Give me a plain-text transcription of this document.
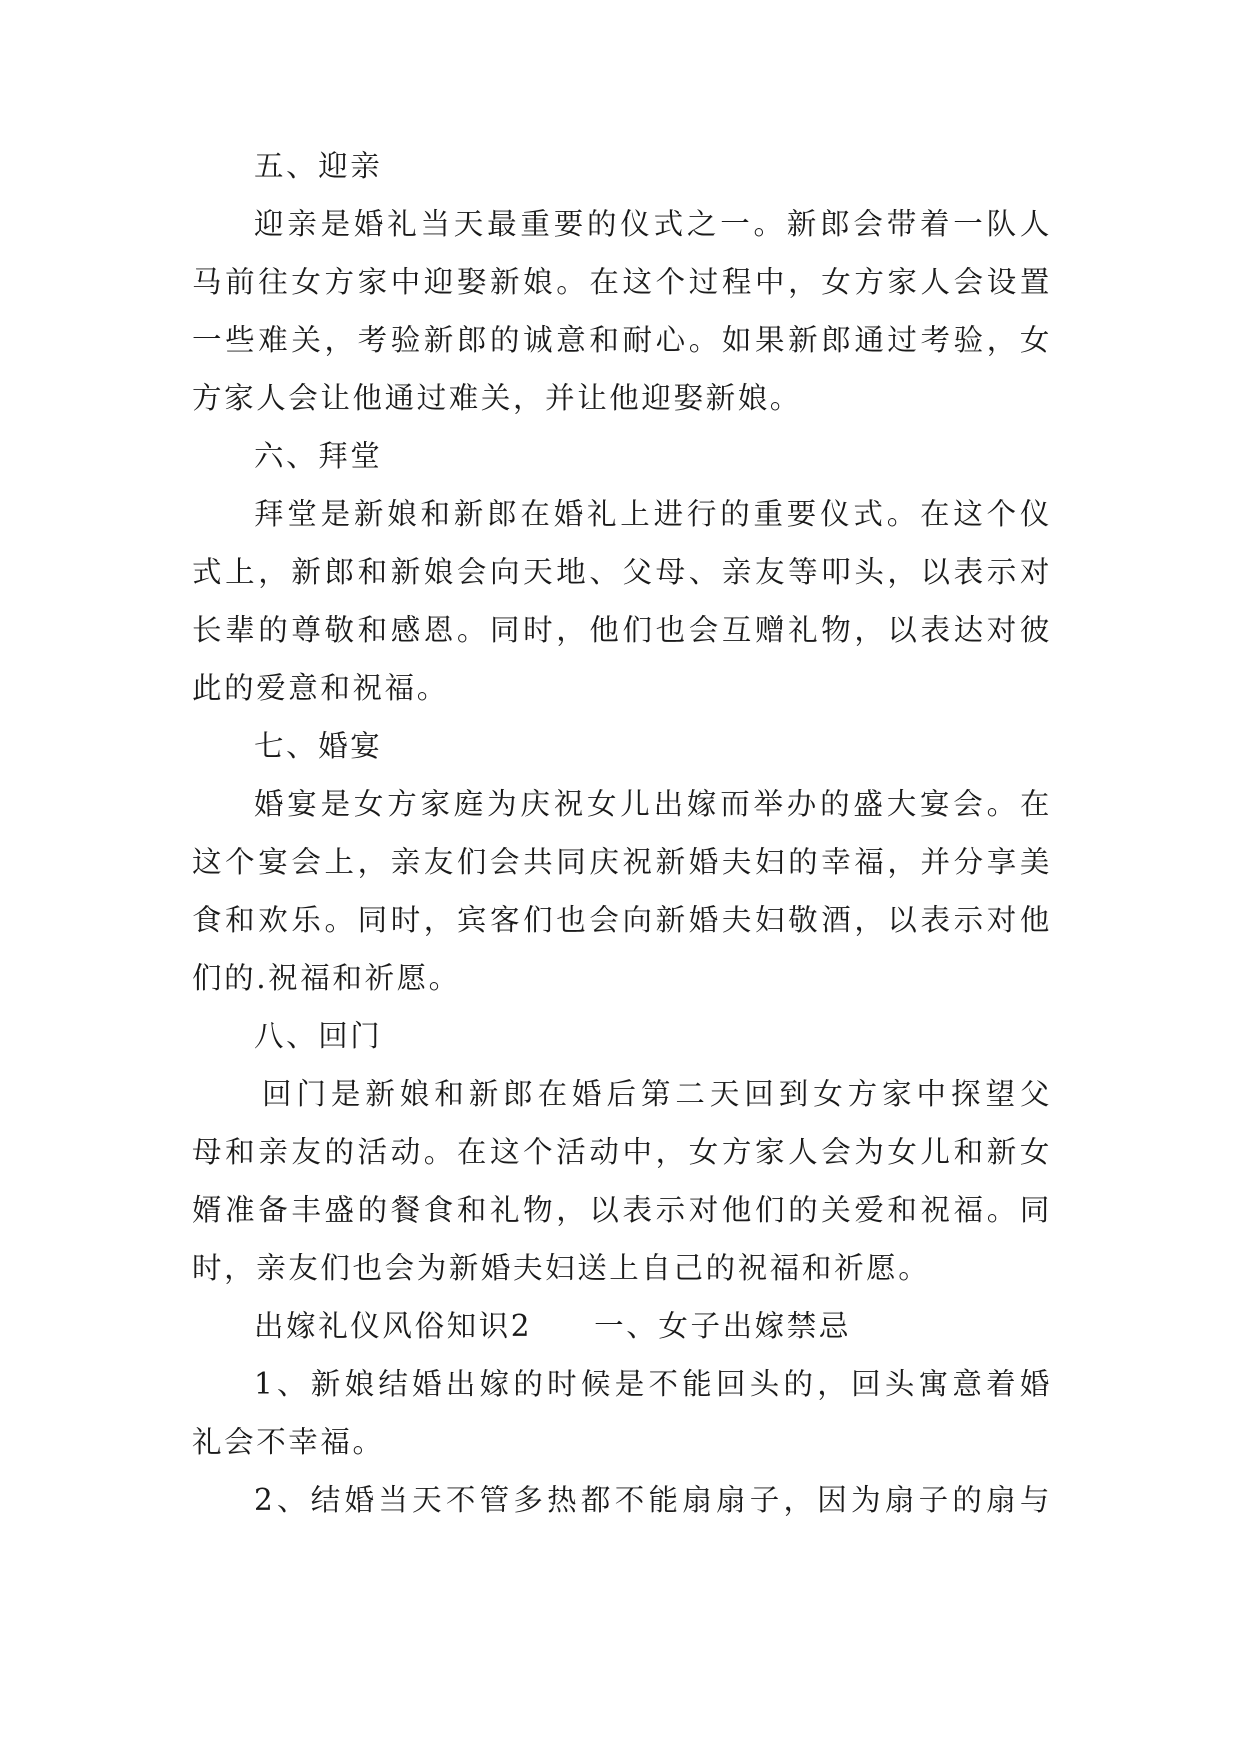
五、迎亲
迎亲是婚礼当天最重要的仪式之一。新郎会带着一队人
马前往女方家中迎娶新娘。在这个过程中，女方家人会设置
一些难关，考验新郎的诚意和耐心。如果新郎通过考验，女
方家人会让他通过难关，并让他迎娶新娘。
六、拜堂
拜堂是新娘和新郎在婚礼上进行的重要仪式。在这个仪
式上，新郎和新娘会向天地、父母、亲友等叩头，以表示对
长辈的尊敬和感恩。同时，他们也会互赠礼物，以表达对彼
此的爱意和祝福。
七、婚宴
婚宴是女方家庭为庆祝女儿出嫁而举办的盛大宴会。在
这个宴会上，亲友们会共同庆祝新婚夫妇的幸福，并分享美
食和欢乐。同时，宾客们也会向新婚夫妇敬酒，以表示对他
们的.祝福和祈愿。
八、回门
回门是新娘和新郎在婚后第二天回到女方家中探望父
母和亲友的活动。在这个活动中，女方家人会为女儿和新女
婿准备丰盛的餐食和礼物，以表示对他们的关爱和祝福。同
时，亲友们也会为新婚夫妇送上自己的祝福和祈愿。
出嫁礼仪风俗知识2 一、女子出嫁禁忌
1、新娘结婚出嫁的时候是不能回头的，回头寓意着婚
礼会不幸福。
2、结婚当天不管多热都不能扇扇子，因为扇子的扇与
